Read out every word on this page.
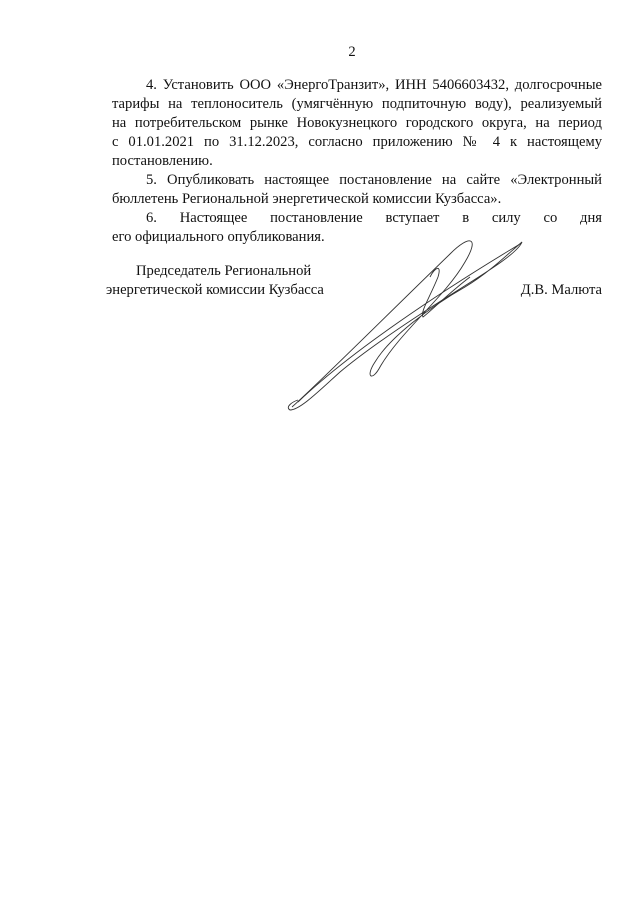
2
4. Установить ООО «ЭнергоТранзит», ИНН 5406603432, долгосрочные
тарифы на теплоноситель (умягчённую подпиточную воду), реализуемый
на потребительском рынке Новокузнецкого городского округа, на период
с 01.01.2021 по 31.12.2023, согласно приложению № 4 к настоящему
постановлению.
5. Опубликовать настоящее постановление на сайте «Электронный
бюллетень Региональной энергетической комиссии Кузбасса».
6. Настоящее постановление вступает в силу со дня
его официального опубликования.
Председатель Региональной
энергетической комиссии Кузбасса	Д.В. Малюта
